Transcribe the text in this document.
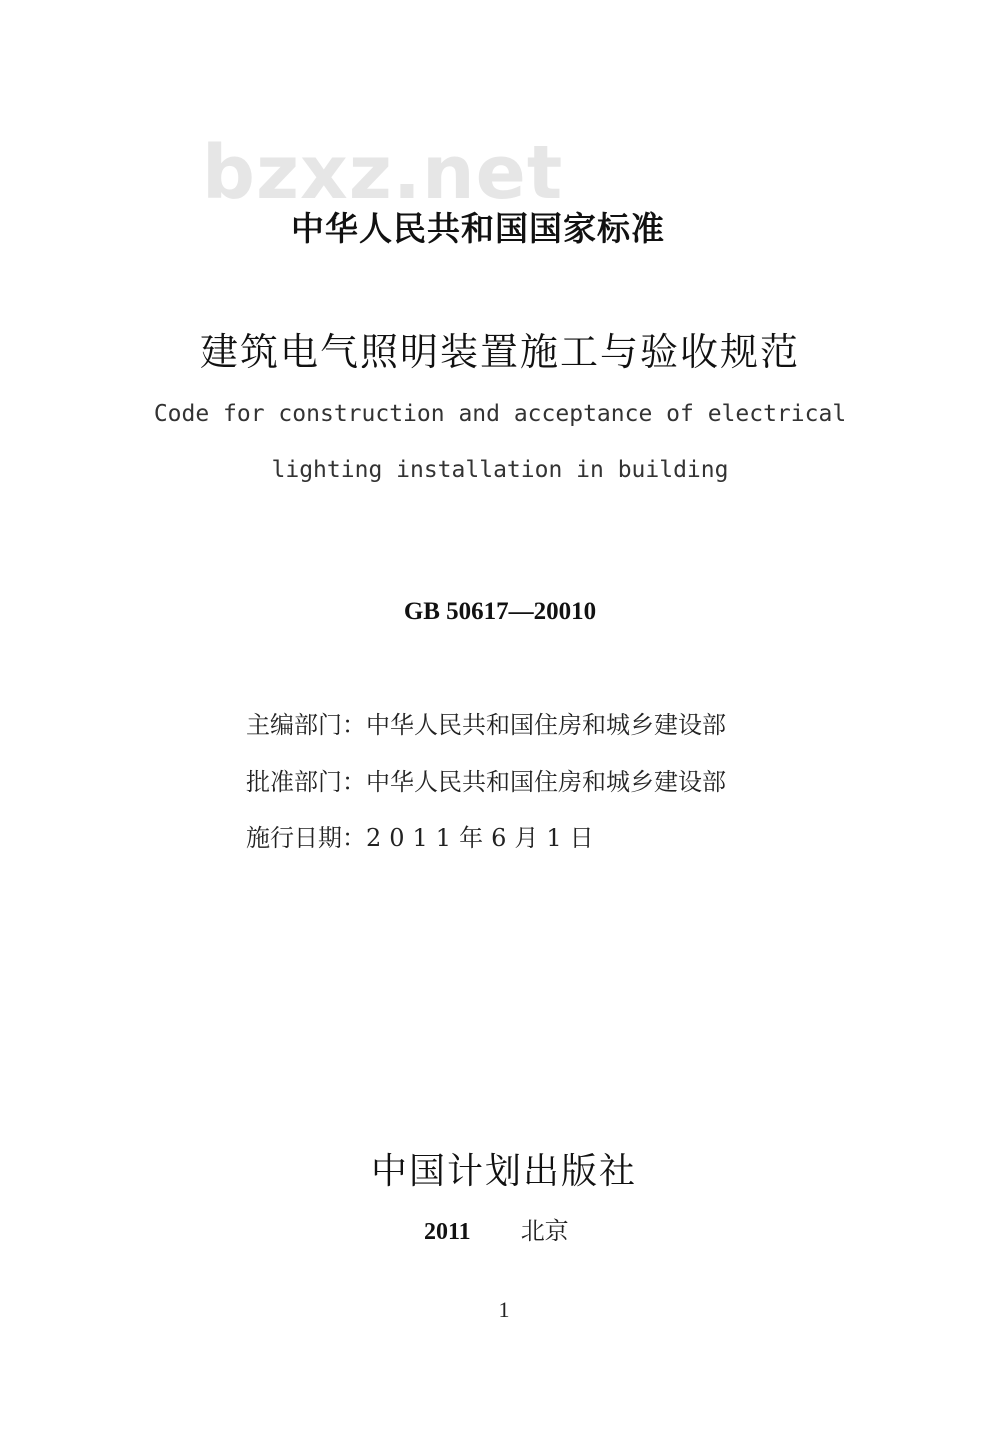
bzxz.net
中华人民共和国国家标准
建筑电气照明装置施工与验收规范
Code for construction and acceptance of electrical
lighting installation in building
GB 50617—20010
主编部门：中华人民共和国住房和城乡建设部
批准部门：中华人民共和国住房和城乡建设部
施行日期：2011年6月1日
中国计划出版社
2011 北京
1
